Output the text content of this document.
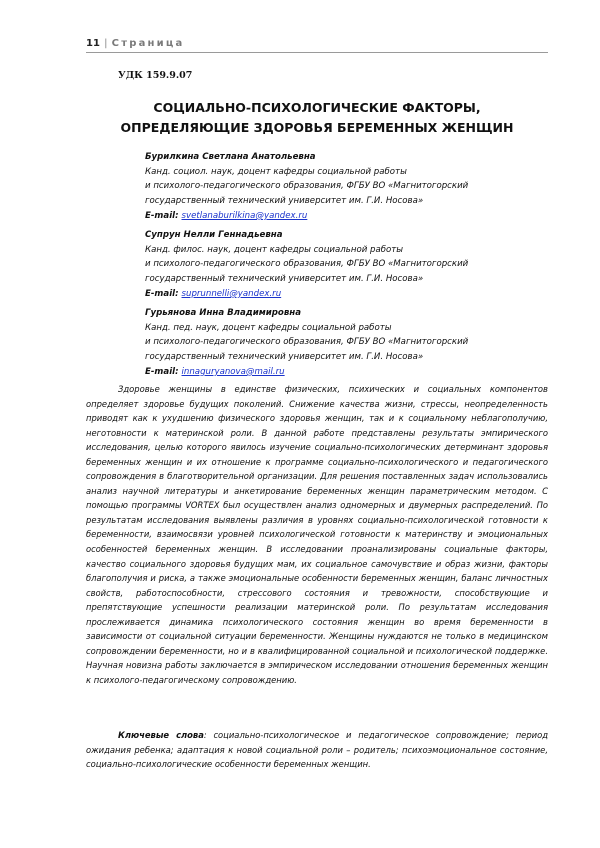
11 | Страница
УДК 159.9.07
СОЦИАЛЬНО-ПСИХОЛОГИЧЕСКИЕ ФАКТОРЫ,
ОПРЕДЕЛЯЮЩИЕ ЗДОРОВЬЯ БЕРЕМЕННЫХ ЖЕНЩИН
Бурилкина Светлана Анатольевна
Канд. социол. наук, доцент кафедры социальной работы
и психолого-педагогического образования, ФГБУ ВО «Магнитогорский
государственный технический университет им. Г.И. Носова»
E-mail: svetlanaburilkina@yandex.ru
Супрун Нелли Геннадьевна
Канд. филос. наук, доцент кафедры социальной работы
и психолого-педагогического образования, ФГБУ ВО «Магнитогорский
государственный технический университет им. Г.И. Носова»
E-mail: suprunnelli@yandex.ru
Гурьянова Инна Владимировна
Канд. пед. наук, доцент кафедры социальной работы
и психолого-педагогического образования, ФГБУ ВО «Магнитогорский
государственный технический университет им. Г.И. Носова»
E-mail: innaguryanova@mail.ru

Здоровье женщины в единстве физических, психических и социальных компонентов определяет здоровье будущих поколений. Снижение качества жизни, стрессы, неопределенность приводят как к ухудшению физического здоровья женщин, так и к социальному неблагополучию, неготовности к материнской роли. В данной работе представлены результаты эмпирического исследования, целью которого явилось изучение социально-психологических детерминант здоровья беременных женщин и их отношение к программе социально-психологического и педагогического сопровождения в благотворительной организации. Для решения поставленных задач использовались анализ научной литературы и анкетирование беременных женщин параметрическим методом. С помощью программы VORTEX был осуществлен анализ одномерных и двумерных распределений. По результатам исследования выявлены различия в уровнях социально-психологической готовности к беременности, взаимосвязи уровней психологической готовности к материнству и эмоциональных особенностей беременных женщин. В исследовании проанализированы социальные факторы, качество социального здоровья будущих мам, их социальное самочувствие и образ жизни, факторы благополучия и риска, а также эмоциональные особенности беременных женщин, баланс личностных свойств, работоспособности, стрессового состояния и тревожности, способствующие и препятствующие успешности реализации материнской роли. По результатам исследования прослеживается динамика психологического состояния женщин во время беременности в зависимости от социальной ситуации беременности. Женщины нуждаются не только в медицинском сопровождении беременности, но и в квалифицированной социальной и психологической поддержке. Научная новизна работы заключается в эмпирическом исследовании отношения беременных женщин к психолого-педагогическому сопровождению.

Ключевые слова: социально-психологическое и педагогическое сопровождение; период ожидания ребенка; адаптация к новой социальной роли – родитель; психоэмоциональное состояние, социально-психологические особенности беременных женщин.
